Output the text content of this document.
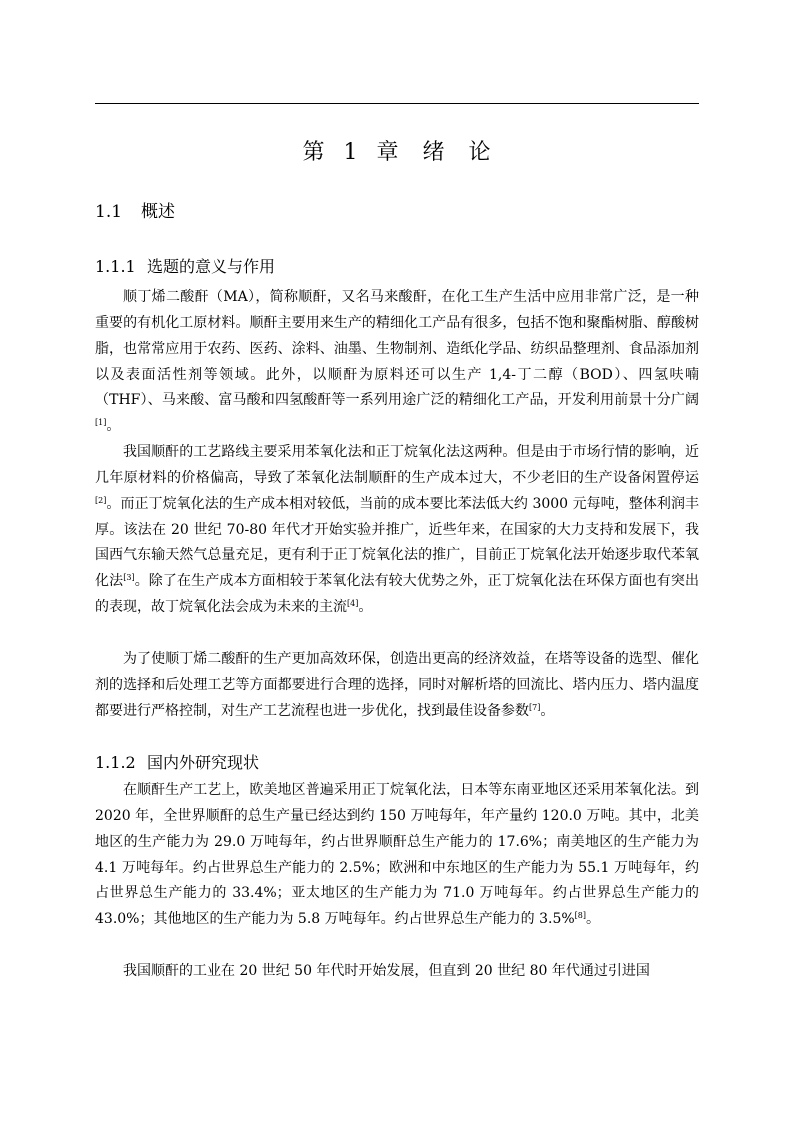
第 1 章　绪　论
1.1 概述
1.1.1 选题的意义与作用

顺丁烯二酸酐（MA），简称顺酐，又名马来酸酐，在化工生产生活中应用非常广泛，是一种重要的有机化工原材料。顺酐主要用来生产的精细化工产品有很多，包括不饱和聚酯树脂、醇酸树脂，也常常应用于农药、医药、涂料、油墨、生物制剂、造纸化学品、纺织品整理剂、食品添加剂以及表面活性剂等领域。此外，以顺酐为原料还可以生产 1,4-丁二醇（BOD）、四氢呋喃（THF）、马来酸、富马酸和四氢酸酐等一系列用途广泛的精细化工产品，开发利用前景十分广阔[1]。

我国顺酐的工艺路线主要采用苯氧化法和正丁烷氧化法这两种。但是由于市场行情的影响，近几年原材料的价格偏高，导致了苯氧化法制顺酐的生产成本过大，不少老旧的生产设备闲置停运[2]。而正丁烷氧化法的生产成本相对较低，当前的成本要比苯法低大约 3000 元每吨，整体利润丰厚。该法在 20 世纪 70-80 年代才开始实验并推广，近些年来，在国家的大力支持和发展下，我国西气东输天然气总量充足，更有利于正丁烷氧化法的推广，目前正丁烷氧化法开始逐步取代苯氧化法[3]。除了在生产成本方面相较于苯氧化法有较大优势之外，正丁烷氧化法在环保方面也有突出的表现，故丁烷氧化法会成为未来的主流[4]。

为了使顺丁烯二酸酐的生产更加高效环保，创造出更高的经济效益，在塔等设备的选型、催化剂的选择和后处理工艺等方面都要进行合理的选择，同时对解析塔的回流比、塔内压力、塔内温度都要进行严格控制，对生产工艺流程也进一步优化，找到最佳设备参数[7]。

1.1.2 国内外研究现状

在顺酐生产工艺上，欧美地区普遍采用正丁烷氧化法，日本等东南亚地区还采用苯氧化法。到 2020 年，全世界顺酐的总生产量已经达到约 150 万吨每年，年产量约 120.0 万吨。其中，北美地区的生产能力为 29.0 万吨每年，约占世界顺酐总生产能力的 17.6%；南美地区的生产能力为 4.1 万吨每年。约占世界总生产能力的 2.5%；欧洲和中东地区的生产能力为 55.1 万吨每年，约占世界总生产能力的 33.4%；亚太地区的生产能力为 71.0 万吨每年。约占世界总生产能力的 43.0%；其他地区的生产能力为 5.8 万吨每年。约占世界总生产能力的 3.5%[8]。

我国顺酐的工业在 20 世纪 50 年代时开始发展，但直到 20 世纪 80 年代通过引进国
